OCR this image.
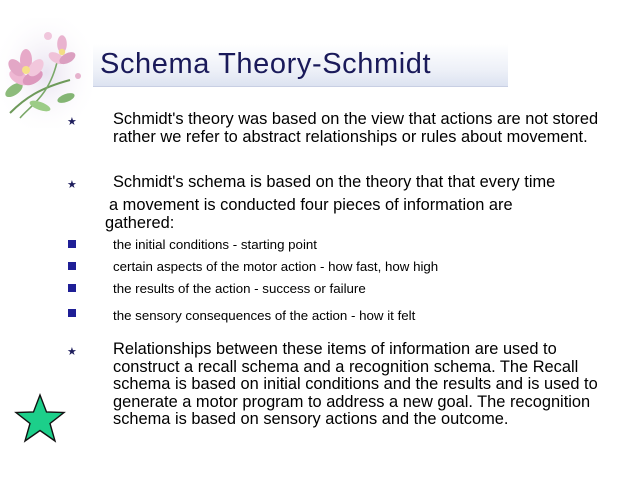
Schema Theory-Schmidt
★ Schmidt's theory was based on the view that actions are not stored rather we refer to abstract relationships or rules about movement.
★ Schmidt's schema is based on the theory that that every time
a movement is conducted four pieces of information are gathered:
the initial conditions - starting point
certain aspects of the motor action - how fast, how high
the results of the action - success or failure
the sensory consequences of the action - how it felt
★ Relationships between these items of information are used to construct a recall schema and a recognition schema. The Recall schema is based on initial conditions and the results and is used to generate a motor program to address a new goal. The recognition schema is based on sensory actions and the outcome.
